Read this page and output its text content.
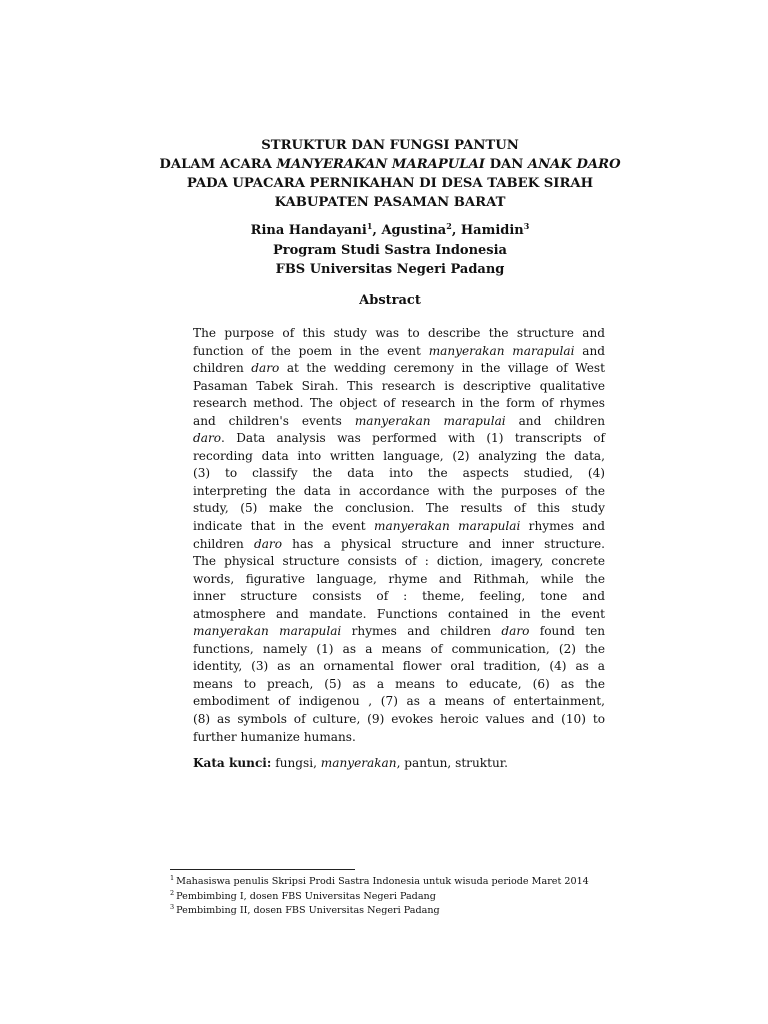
STRUKTUR DAN FUNGSI PANTUN
DALAM ACARA MANYERAKAN MARAPULAI DAN ANAK DARO
PADA UPACARA PERNIKAHAN DI DESA TABEK SIRAH
KABUPATEN PASAMAN BARAT
Rina Handayani$^1$, Agustina$^2$, Hamidin$^3$
Program Studi Sastra Indonesia
FBS Universitas Negeri Padang
Abstract
The purpose of this study was to describe the structure and
function of the poem in the event manyerakan marapulai and
children daro at the wedding ceremony in the village of West
Pasaman Tabek Sirah. This research is descriptive qualitative
research method. The object of research in the form of rhymes
and children's events manyerakan marapulai and children
daro. Data analysis was performed with (1) transcripts of
recording data into written language, (2) analyzing the data,
(3) to classify the data into the aspects studied, (4)
interpreting the data in accordance with the purposes of the
study, (5) make the conclusion. The results of this study
indicate that in the event manyerakan marapulai rhymes and
children daro has a physical structure and inner structure.
The physical structure consists of : diction, imagery, concrete
words, figurative language, rhyme and Rithmah, while the
inner structure consists of : theme, feeling, tone and
atmosphere and mandate. Functions contained in the event
manyerakan marapulai rhymes and children daro found ten
functions, namely (1) as a means of communication, (2) the
identity, (3) as an ornamental flower oral tradition, (4) as a
means to preach, (5) as a means to educate, (6) as the
embodiment of indigenou , (7) as a means of entertainment,
(8) as symbols of culture, (9) evokes heroic values and (10) to
further humanize humans.
Kata kunci: fungsi, manyerakan, pantun, struktur.
$^1$ Mahasiswa penulis Skripsi Prodi Sastra Indonesia untuk wisuda periode Maret 2014
$^2$ Pembimbing I, dosen FBS Universitas Negeri Padang
$^3$ Pembimbing II, dosen FBS Universitas Negeri Padang
